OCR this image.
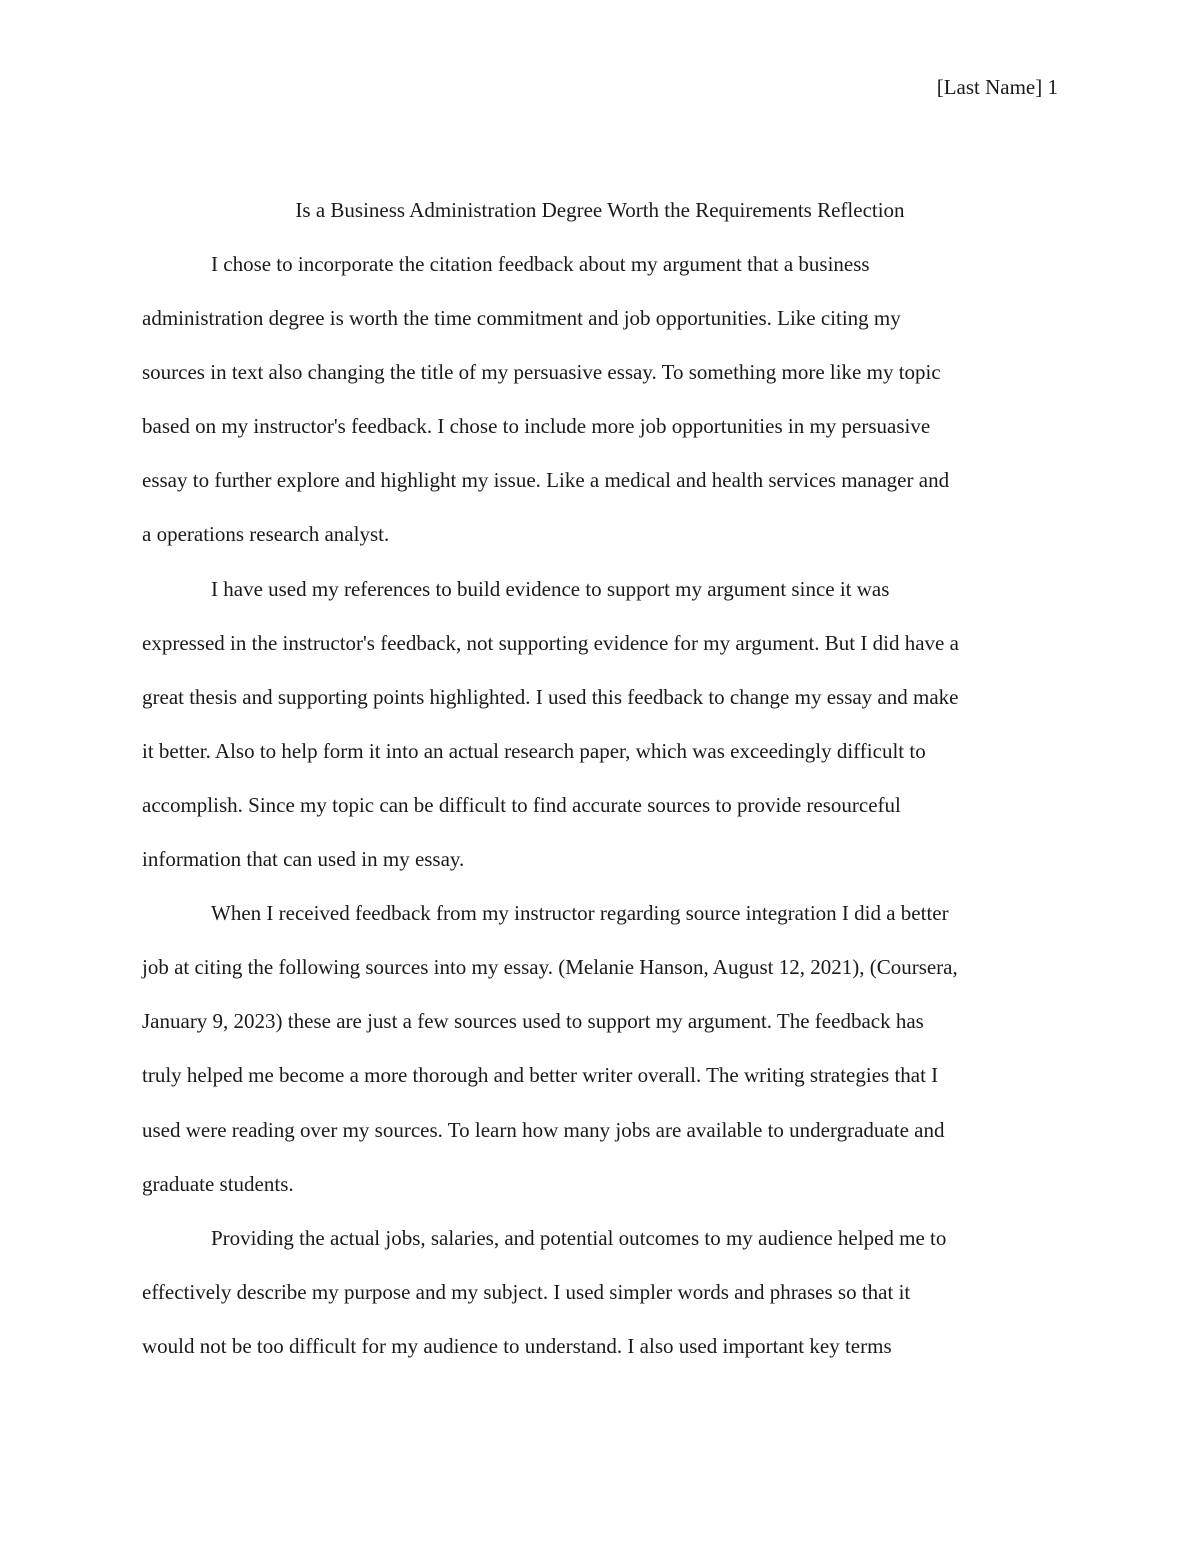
[Last Name] 1
Is a Business Administration Degree Worth the Requirements Reflection
I chose to incorporate the citation feedback about my argument that a business
administration degree is worth the time commitment and job opportunities. Like citing my
sources in text also changing the title of my persuasive essay. To something more like my topic
based on my instructor's feedback. I chose to include more job opportunities in my persuasive
essay to further explore and highlight my issue. Like a medical and health services manager and
a operations research analyst.
I have used my references to build evidence to support my argument since it was
expressed in the instructor's feedback, not supporting evidence for my argument. But I did have a
great thesis and supporting points highlighted. I used this feedback to change my essay and make
it better. Also to help form it into an actual research paper, which was exceedingly difficult to
accomplish. Since my topic can be difficult to find accurate sources to provide resourceful
information that can used in my essay.
When I received feedback from my instructor regarding source integration I did a better
job at citing the following sources into my essay. (Melanie Hanson, August 12, 2021), (Coursera,
January 9, 2023) these are just a few sources used to support my argument. The feedback has
truly helped me become a more thorough and better writer overall. The writing strategies that I
used were reading over my sources. To learn how many jobs are available to undergraduate and
graduate students.
Providing the actual jobs, salaries, and potential outcomes to my audience helped me to
effectively describe my purpose and my subject. I used simpler words and phrases so that it
would not be too difficult for my audience to understand. I also used important key terms
